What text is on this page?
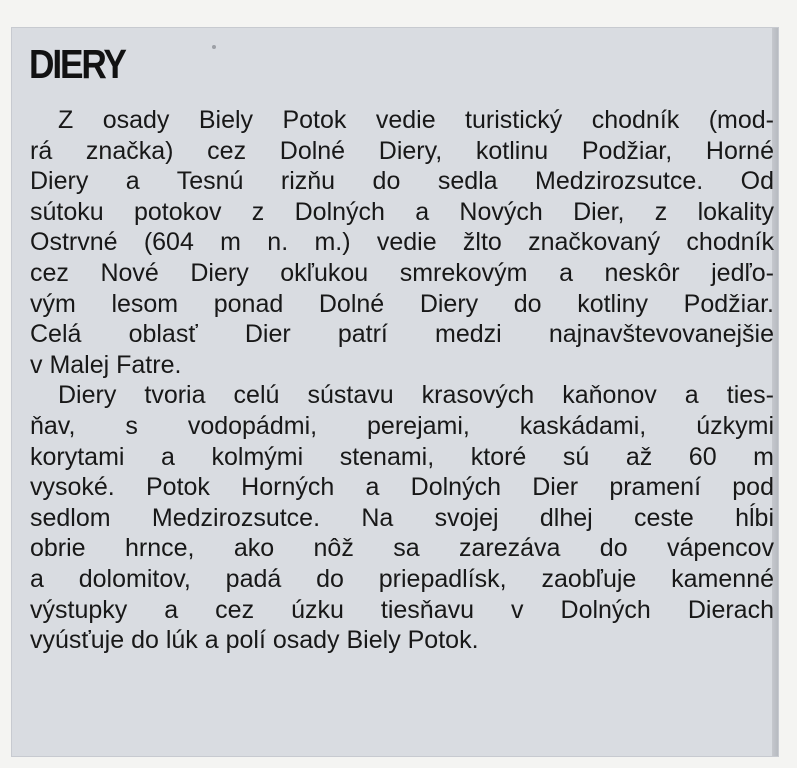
DIERY
Z osady Biely Potok vedie turistický chodník (mod-
rá značka) cez Dolné Diery, kotlinu Podžiar, Horné
Diery a Tesnú rizňu do sedla Medzirozsutce. Od
sútoku potokov z Dolných a Nových Dier, z lokality
Ostrvné (604 m n. m.) vedie žlto značkovaný chodník
cez Nové Diery okľukou smrekovým a neskôr jedľo-
vým lesom ponad Dolné Diery do kotliny Podžiar.
Celá oblasť Dier patrí medzi najnavštevovanejšie
v Malej Fatre.
Diery tvoria celú sústavu krasových kaňonov a ties-
ňav, s vodopádmi, perejami, kaskádami, úzkymi
korytami a kolmými stenami, ktoré sú až 60 m
vysoké. Potok Horných a Dolných Dier pramení pod
sedlom Medzirozsutce. Na svojej dlhej ceste hĺbi
obrie hrnce, ako nôž sa zarezáva do vápencov
a dolomitov, padá do priepadlísk, zaobľuje kamenné
výstupky a cez úzku tiesňavu v Dolných Dierach
vyúsťuje do lúk a polí osady Biely Potok.
